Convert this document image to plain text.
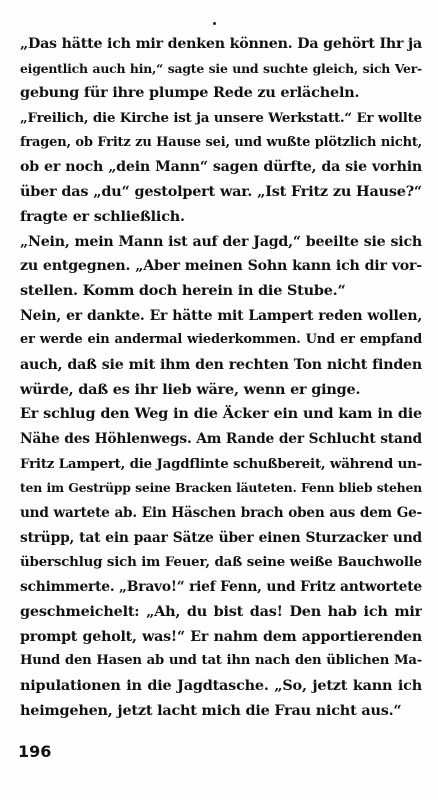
„Das hätte ich mir denken können. Da gehört Ihr ja
eigentlich auch hin,“ sagte sie und suchte gleich, sich Ver-
gebung für ihre plumpe Rede zu erlächeln.
„Freilich, die Kirche ist ja unsere Werkstatt.“ Er wollte
fragen, ob Fritz zu Hause sei, und wußte plötzlich nicht,
ob er noch „dein Mann“ sagen dürfte, da sie vorhin
über das „du“ gestolpert war. „Ist Fritz zu Hause?“
fragte er schließlich.
„Nein, mein Mann ist auf der Jagd,“ beeilte sie sich
zu entgegnen. „Aber meinen Sohn kann ich dir vor-
stellen. Komm doch herein in die Stube.“
Nein, er dankte. Er hätte mit Lampert reden wollen,
er werde ein andermal wiederkommen. Und er empfand
auch, daß sie mit ihm den rechten Ton nicht finden
würde, daß es ihr lieb wäre, wenn er ginge.
Er schlug den Weg in die Äcker ein und kam in die
Nähe des Höhlenwegs. Am Rande der Schlucht stand
Fritz Lampert, die Jagdflinte schußbereit, während un-
ten im Gestrüpp seine Bracken läuteten. Fenn blieb stehen
und wartete ab. Ein Häschen brach oben aus dem Ge-
strüpp, tat ein paar Sätze über einen Sturzacker und
überschlug sich im Feuer, daß seine weiße Bauchwolle
schimmerte. „Bravo!“ rief Fenn, und Fritz antwortete
geschmeichelt: „Ah, du bist das! Den hab ich mir
prompt geholt, was!“ Er nahm dem apportierenden
Hund den Hasen ab und tat ihn nach den üblichen Ma-
nipulationen in die Jagdtasche. „So, jetzt kann ich
heimgehen, jetzt lacht mich die Frau nicht aus.“
196
